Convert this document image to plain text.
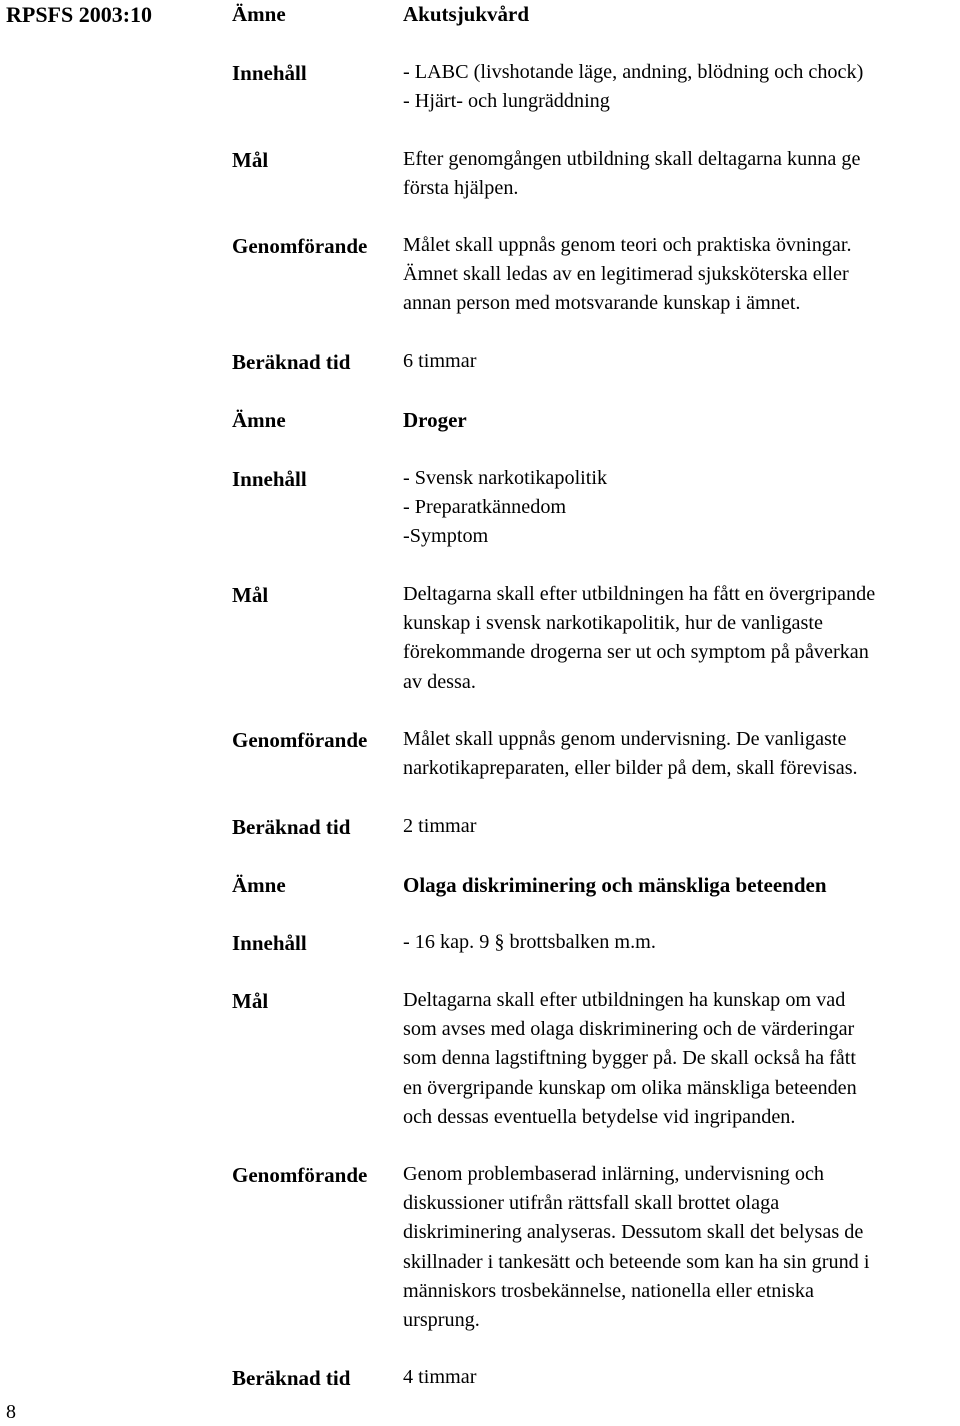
RPSFS 2003:10	Ämne	Akutsjukvård
Innehåll	- LABC (livshotande läge, andning, blödning och chock)
- Hjärt- och lungräddning
Mål	Efter genomgången utbildning skall deltagarna kunna ge
första hjälpen.
Genomförande Målet skall uppnås genom teori och praktiska övningar.
Ämnet skall ledas av en legitimerad sjuksköterska eller
annan person med motsvarande kunskap i ämnet.
Beräknad tid	6 timmar
Ämne	Droger
Innehåll	- Svensk narkotikapolitik
- Preparatkännedom
-Symptom
Mål	Deltagarna skall efter utbildningen ha fått en övergripande
kunskap i svensk narkotikapolitik, hur de vanligaste
förekommande drogerna ser ut och symptom på påverkan
av dessa.
Genomförande Målet skall uppnås genom undervisning. De vanligaste
narkotikapreparaten, eller bilder på dem, skall förevisas.
Beräknad tid	2 timmar
Ämne	Olaga diskriminering och mänskliga beteenden
Innehåll	- 16 kap. 9 § brottsbalken m.m.
Mål	Deltagarna skall efter utbildningen ha kunskap om vad
som avses med olaga diskriminering och de värderingar
som denna lagstiftning bygger på. De skall också ha fått
en övergripande kunskap om olika mänskliga beteenden
och dessas eventuella betydelse vid ingripanden.
Genomförande Genom problembaserad inlärning, undervisning och
diskussioner utifrån rättsfall skall brottet olaga
diskriminering analyseras. Dessutom skall det belysas de
skillnader i tankesätt och beteende som kan ha sin grund i
människors trosbekännelse, nationella eller etniska
ursprung.
Beräknad tid	4 timmar
8
